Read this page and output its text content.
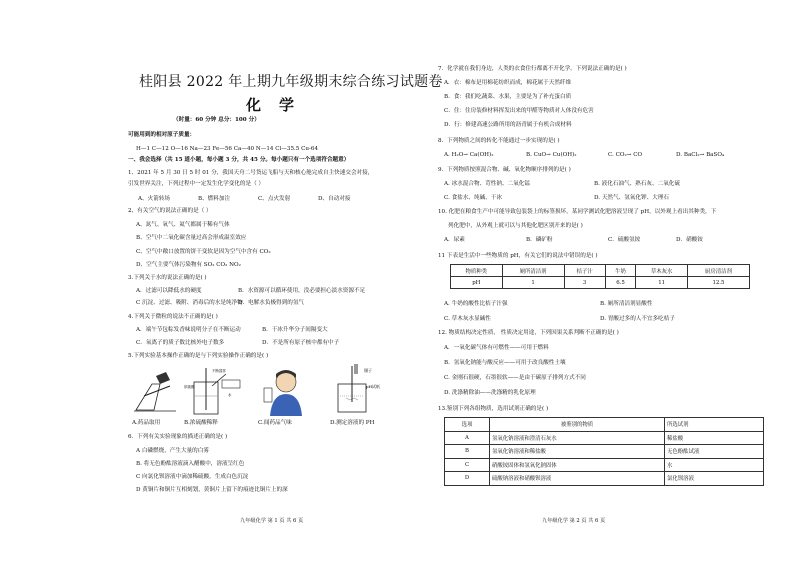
桂阳县 2022 年上期九年级期末综合练习试题卷
化学
（时量：60 分钟 总分：100 分）
可能用到的相对原子质量：
H—1 C—12 O—16 Na—23 Fe—56 Ca—40 N—14 Cl—35.5 Cu-64
一、我会选择（共 15 道小题，每小题 3 分，共 45 分。每小题只有一个选项符合题意）
1、2021 年 5 月 30 日 5 时 01 分，我国天舟二号货运飞船与天和核心舱完成自主快速交会对接，
引发世界关注，下列过程中一定发生化学变化的是（ ）
A、火箭转场	B、燃料加注	C、点火发射	D、自动对接
2、有关空气的说法正确的是（ ）
A、氮气、氧气、氦气都属于稀有气体
B、空气中二氧化碳含量过高会形成温室效应
C、空气中敞口放置的饼干变软是因为空气中含有 CO₂
D、空气主要气体污染物有 SO₂ CO₂ NO₂
3.下列关于水的说法正确的是( )
A．过滤可以降低水的硬度	B．水资源可以循环使用，没必要担心淡水资源不足
C 沉淀、过滤、吸附、消毒后的水是纯净物
D．电解水负极得到的氢气
4.下列关于微粒的说法不正确的是( )
A．端午节包粽发香味说明分子在不断运动	B．干冰升华分子间隔变大
C．氧离子的质子数比核外电子数多	D．不是所有原子核中都有中子
5.下列实验基本操作正确的是与下列实验操作正确的是( )
不断搅拌
浓硫酸
水
镊子
pH试纸
A.药品取用	B.浓硫酸稀释	C.闻药品气味	D.测定溶液的 PH
6．下列有关实验现象的描述正确的是( )
A 白磷燃烧，产生大量的白雾
B. 将无色酚酞溶液滴入醋酸中，溶液呈红色
C 向氯化钡溶液中滴加稀硫酸，生成白色沉淀
D 黄铜片和铜片互相刻划，黄铜片上留下的痕迹比铜片上的深
九年级化学 第 1 页 共 6 页
7．化学就在我们身边，人类的衣食住行都离不开化学。下列说法正确的是( )
A．衣：棉布是用棉花纺织而成，棉花属于天然纤维
B．食：我们吃蔬菜、水果，主要是为了补充蛋白质
C．住：住房装修材料挥发出来的甲醛等物质对人体没有危害
D．行：修建高速公路所用的沥青属于有机合成材料
8．下列物质之间的转化不能通过一步实现的是( )
A. H₂O→ Ca(OH)₂	B. CuO→ Cu(OH)₂	C. CO₂→ CO	D. BaCl₂→ BaSO₄
9．下列物质按照混合物、碱、氧化物顺序排列的是( )
A. 冰水混合物、苛性钠、二氧化锰	B. 液化石油气、熟石灰、二氧化硫
C. 食盐水、纯碱、干冰	D. 天然气、氢氧化钾、大理石
10. 化肥在粮食生产中可能导致包装袋上的标签损坏，某同学测试化肥溶液呈现了 pH，以外观上看出其种类，下
列化肥中，从外观上就可以与其他化肥区别开来的是( )
A．尿素	B．磷矿粉	C．硫酸氢铵	D．硝酸铵
11 下表是生活中一些物质的 pH，有关它们的说法中错误的是( )
物质种类	厕所清洁剂	桔子汁	牛奶	草木灰水	厨房清洁剂
pH	1	3	6.5	11	12.5
A. 牛奶的酸性比桔子汁强	B. 厕所清洁剂显酸性
C. 草木灰水显碱性	D. 胃酸过多的人不宜多吃桔子
12. 物质结构决定性质， 性质决定用途，下列因果关系判断不正确的是( )
A．一氧化碳气体有可燃性——可用于燃料
B．氢氧化钠能与酸反应——可用于改良酸性土壤
C. 金刚石很硬，石墨很软——是由于碳原子排列方式不同
D. 洗涤精除油——洗涤精的乳化原理
13.鉴别下列各组物质，选用试剂正确的是( )
选项	被鉴别的物质	所选试剂
A	氢氧化钠溶液和澄清石灰水	稀盐酸
B	氢氧化钠溶液和稀盐酸	无色酚酞试液
C	硝酸铵固体和氢氧化钠固体	水
D	硫酸钠溶液和硝酸钡溶液	氯化钡溶液
九年级化学 第 2 页 共 6 页
